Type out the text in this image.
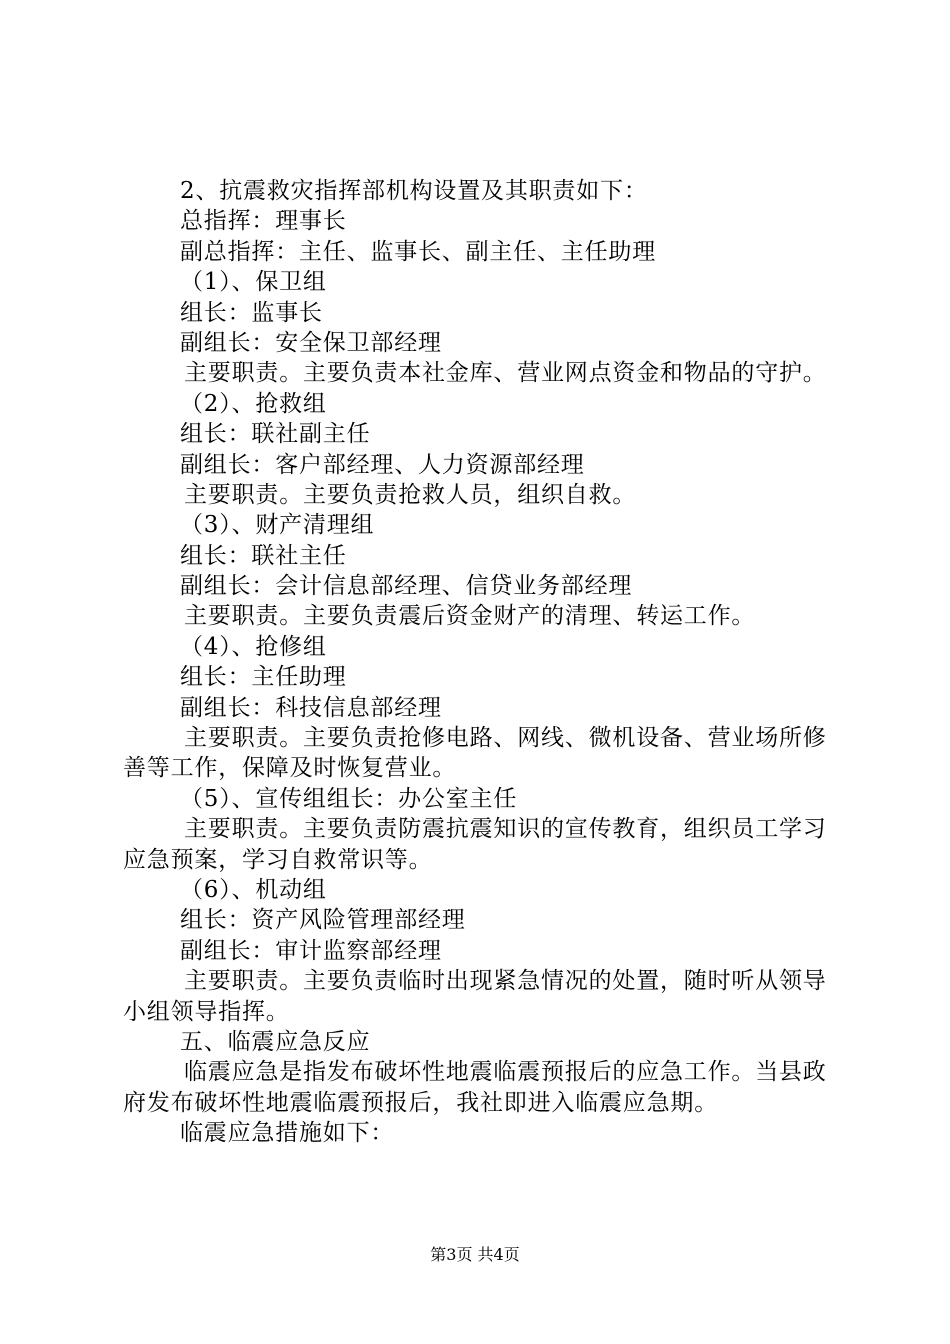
2、抗震救灾指挥部机构设置及其职责如下：
总指挥：理事长
副总指挥：主任、监事长、副主任、主任助理
（1）、保卫组
组长：监事长
副组长：安全保卫部经理
主要职责。主要负责本社金库、营业网点资金和物品的守护。
（2）、抢救组
组长：联社副主任
副组长：客户部经理、人力资源部经理
主要职责。主要负责抢救人员，组织自救。
（3）、财产清理组
组长：联社主任
副组长：会计信息部经理、信贷业务部经理
主要职责。主要负责震后资金财产的清理、转运工作。
（4）、抢修组
组长：主任助理
副组长：科技信息部经理
主要职责。主要负责抢修电路、网线、微机设备、营业场所修善等工作，保障及时恢复营业。
（5）、宣传组组长：办公室主任
主要职责。主要负责防震抗震知识的宣传教育，组织员工学习应急预案，学习自救常识等。
（6）、机动组
组长：资产风险管理部经理
副组长：审计监察部经理
主要职责。主要负责临时出现紧急情况的处置，随时听从领导小组领导指挥。
五、临震应急反应
临震应急是指发布破坏性地震临震预报后的应急工作。当县政府发布破坏性地震临震预报后，我社即进入临震应急期。
临震应急措施如下：
第3页 共4页
